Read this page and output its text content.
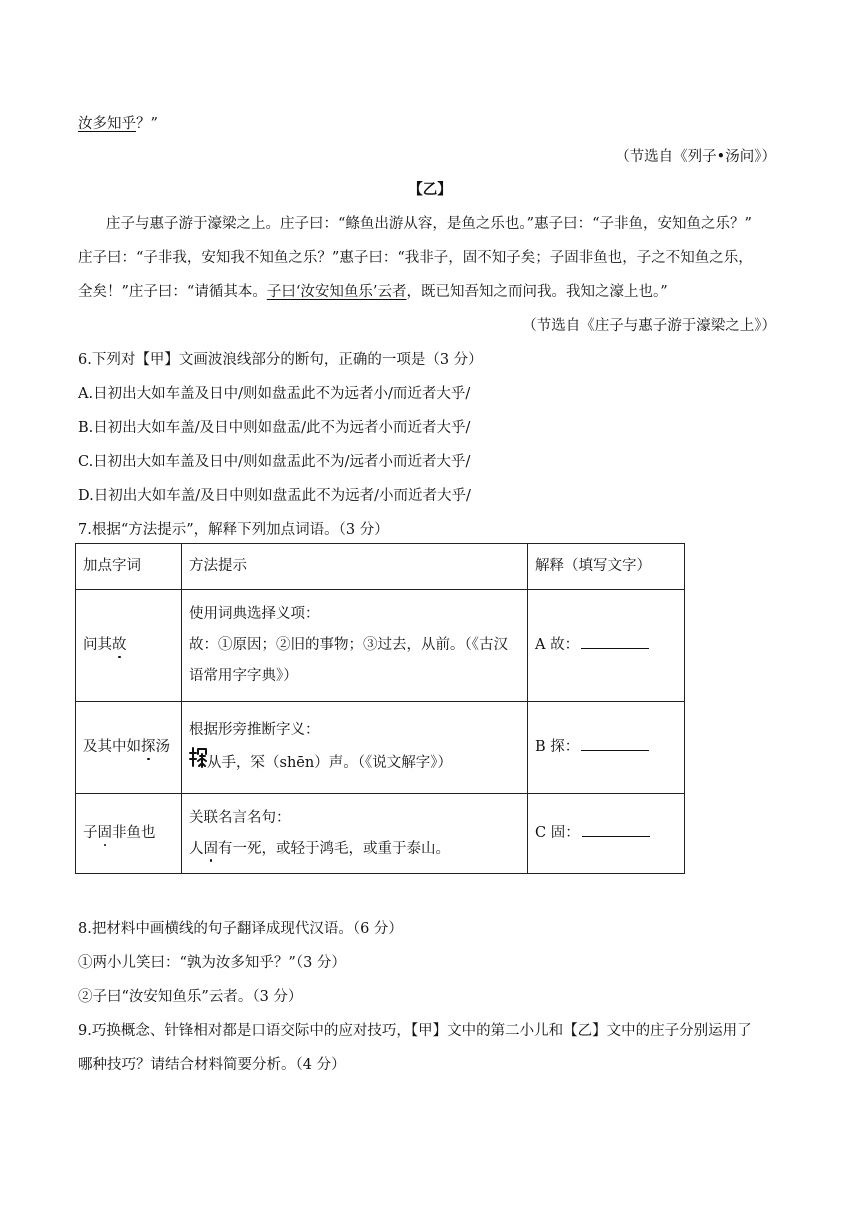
汝多知乎？”
（节选自《列子•汤问》）
【乙】
庄子与惠子游于濠梁之上。庄子曰：“鲦鱼出游从容，是鱼之乐也。”惠子曰：“子非鱼，安知鱼之乐？”
庄子曰：“子非我，安知我不知鱼之乐？”惠子曰：“我非子，固不知子矣；子固非鱼也，子之不知鱼之乐，
全矣！”庄子曰：“请循其本。子曰‘汝安知鱼乐’云者，既已知吾知之而问我。我知之濠上也。”
（节选自《庄子与惠子游于濠梁之上》）
6.下列对【甲】文画波浪线部分的断句，正确的一项是（3 分）
A.日初出大如车盖及日中/则如盘盂此不为远者小/而近者大乎/
B.日初出大如车盖/及日中则如盘盂/此不为远者小而近者大乎/
C.日初出大如车盖及日中/则如盘盂此不为/远者小而近者大乎/
D.日初出大如车盖/及日中则如盘盂此不为远者/小而近者大乎/
7.根据“方法提示”，解释下列加点词语。（3 分）
加点字词	方法提示	解释（填写文字）
问其故	使用词典选择义项：
故：①原因；②旧的事物；③过去，从前。（《古汉
语常用字字典》）	A 故：
及其中如探汤	根据形旁推断字义：
从手，罙（shēn）声。（《说文解字》）	B 探：
子固非鱼也	关联名言名句：
人固有一死，或轻于鸿毛，或重于泰山。	C 固：
8.把材料中画横线的句子翻译成现代汉语。（6 分）
①两小儿笑曰：“孰为汝多知乎？”（3 分）
②子曰“汝安知鱼乐”云者。（3 分）
9.巧换概念、针锋相对都是口语交际中的应对技巧，【甲】文中的第二小儿和【乙】文中的庄子分别运用了
哪种技巧？请结合材料简要分析。（4 分）
